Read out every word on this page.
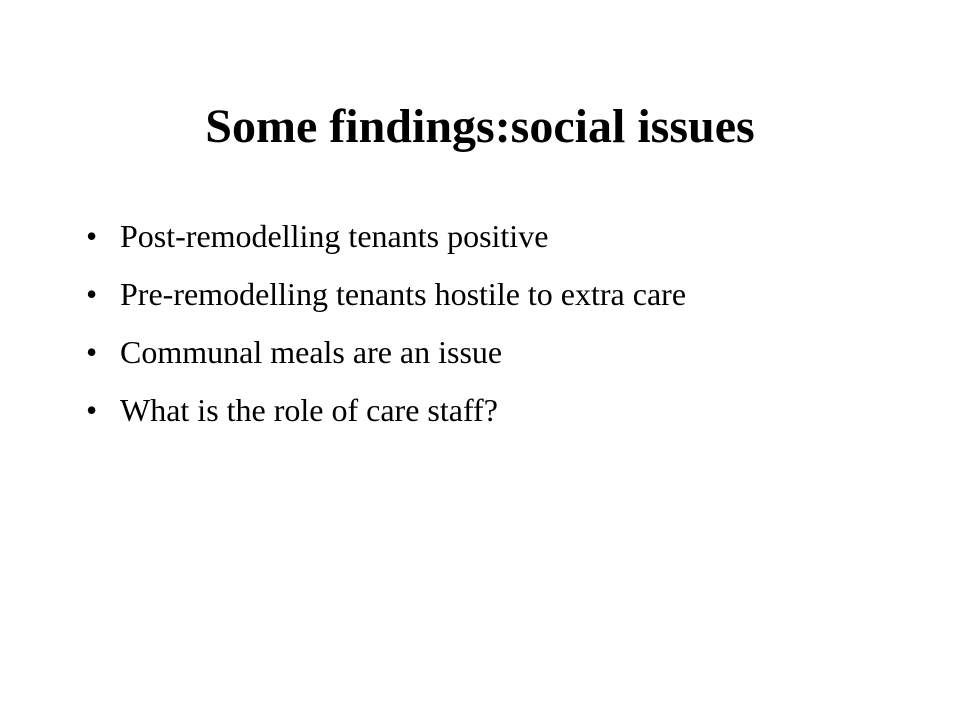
Some findings:social issues
• Post-remodelling tenants positive
• Pre-remodelling tenants hostile to extra care
• Communal meals are an issue
• What is the role of care staff?
